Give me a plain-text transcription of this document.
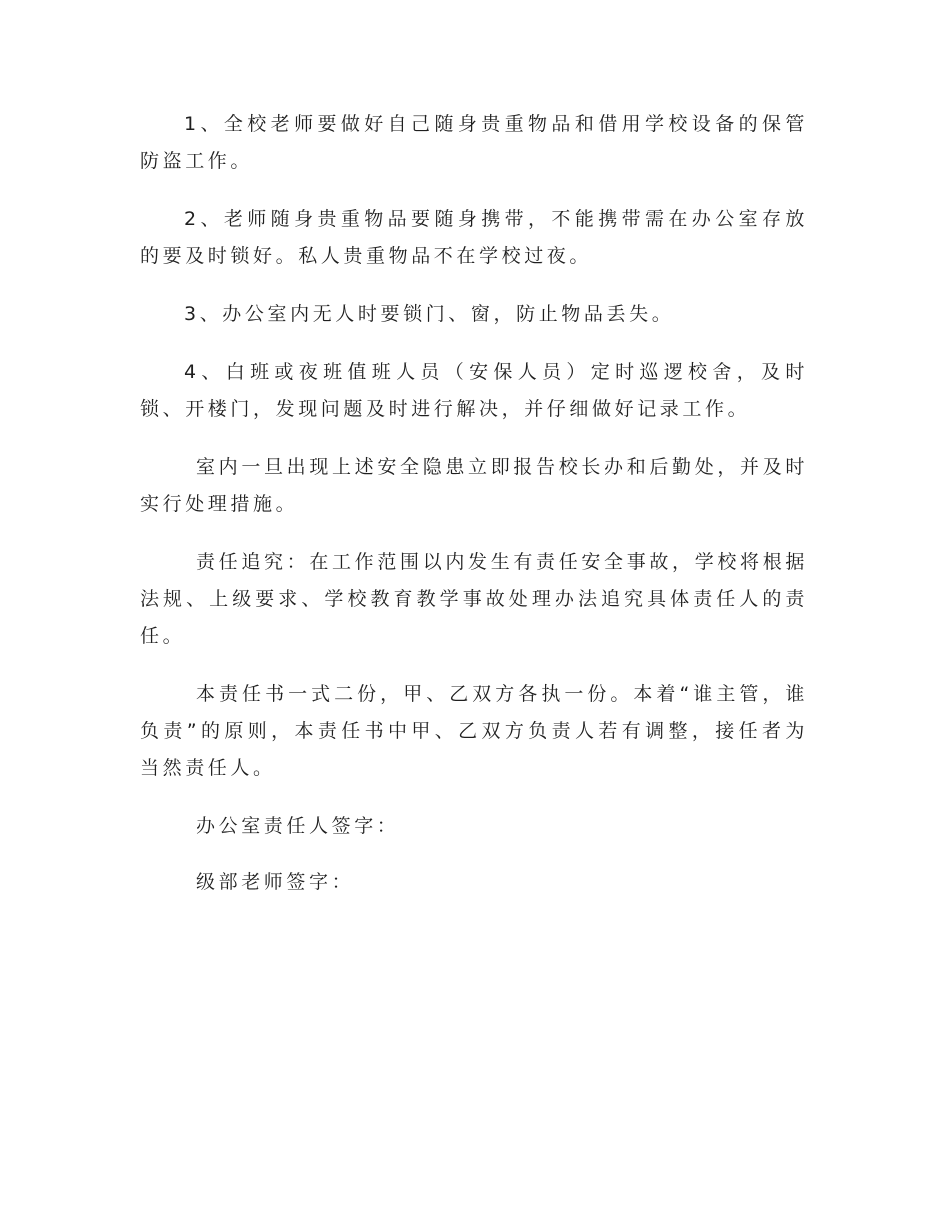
1、全校老师要做好自己随身贵重物品和借用学校设备的保管防盗工作。

2、老师随身贵重物品要随身携带，不能携带需在办公室存放的要及时锁好。私人贵重物品不在学校过夜。

3、办公室内无人时要锁门、窗，防止物品丢失。

4、白班或夜班值班人员（安保人员）定时巡逻校舍，及时锁、开楼门，发现问题及时进行解决，并仔细做好记录工作。

室内一旦出现上述安全隐患立即报告校长办和后勤处，并及时实行处理措施。

责任追究：在工作范围以内发生有责任安全事故，学校将根据法规、上级要求、学校教育教学事故处理办法追究具体责任人的责任。

本责任书一式二份，甲、乙双方各执一份。本着“谁主管，谁负责”的原则，本责任书中甲、乙双方负责人若有调整，接任者为当然责任人。

办公室责任人签字：
级部老师签字：
